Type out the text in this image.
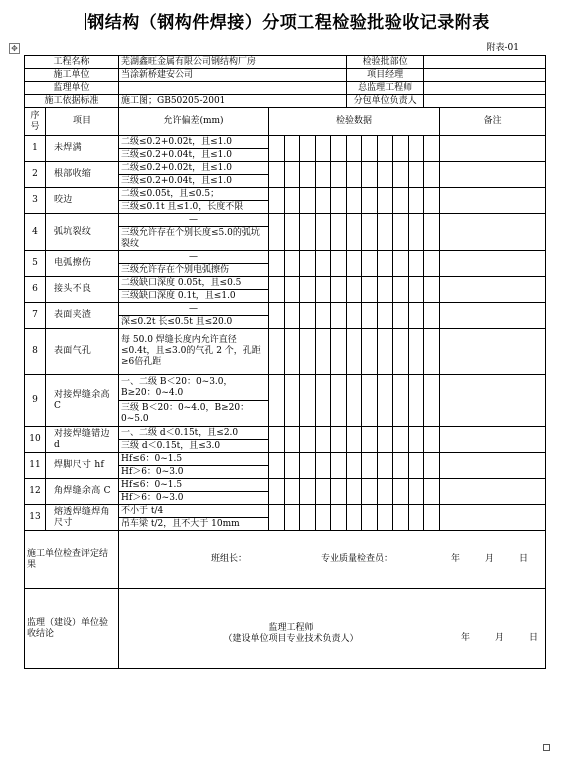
钢结构（钢构件焊接）分项工程检验批验收记录附表
附表-01
✥
工程名称		芜湖鑫旺金属有限公司钢结构厂房						检验批部位						
施工单位		当涂新桥建安公司						项目经理						
监理单位								总监理工程师						
施工依据标准		施工图；GB50205-2001						分包单位负责人						
序号	项目	允许偏差(mm)	检验数据											备注
1	未焊满	二级≤0.2+0.02t，且≤1.0												
		三级≤0.2+0.04t，且≤1.0												
2	根部收缩	二级≤0.2+0.02t，且≤1.0												
		三级≤0.2+0.04t，且≤1.0												
3	咬边	二级≤0.05t，且≤0.5；												
		三级≤0.1t 且≤1.0，长度不限												
4	弧坑裂纹	—												
		三级允许存在个别长度≤5.0的弧坑裂纹												
5	电弧擦伤	—												
		三级允许存在个别电弧擦伤												
6	接头不良	二级缺口深度 0.05t，且≤0.5												
		三级缺口深度 0.1t，且≤1.0												
7	表面夹渣	—												
		深≤0.2t 长≤0.5t 且≤20.0												
8	表面气孔	每 50.0 焊缝长度内允许直径≤0.4t，且≤3.0的气孔 2 个，孔距≥6倍孔距												
9	对接焊缝余高 C	一、二级 B＜20：0~3.0，B≥20：0~4.0												
		三级 B＜20：0~4.0，B≥20：0~5.0												
10	对接焊缝错边 d	一、二级 d＜0.15t，且≤2.0												
		三级 d＜0.15t，且≤3.0												
11	焊脚尺寸 hf	Hf≤6：0~1.5												
		Hf＞6：0~3.0												
12	角焊缝余高 C	Hf≤6：0~1.5												
		Hf＞6：0~3.0												
13	熔透焊缝焊角尺寸	不小于 t/4												
		吊车梁 t/2，且不大于 10mm												
施工单位检查评定结果		班组长： 专业质量检查员： 年 月 日												

监理（建设）单位验收结论		监理工程师
（建设单位项目专业技术负责人） 年 月 日												
